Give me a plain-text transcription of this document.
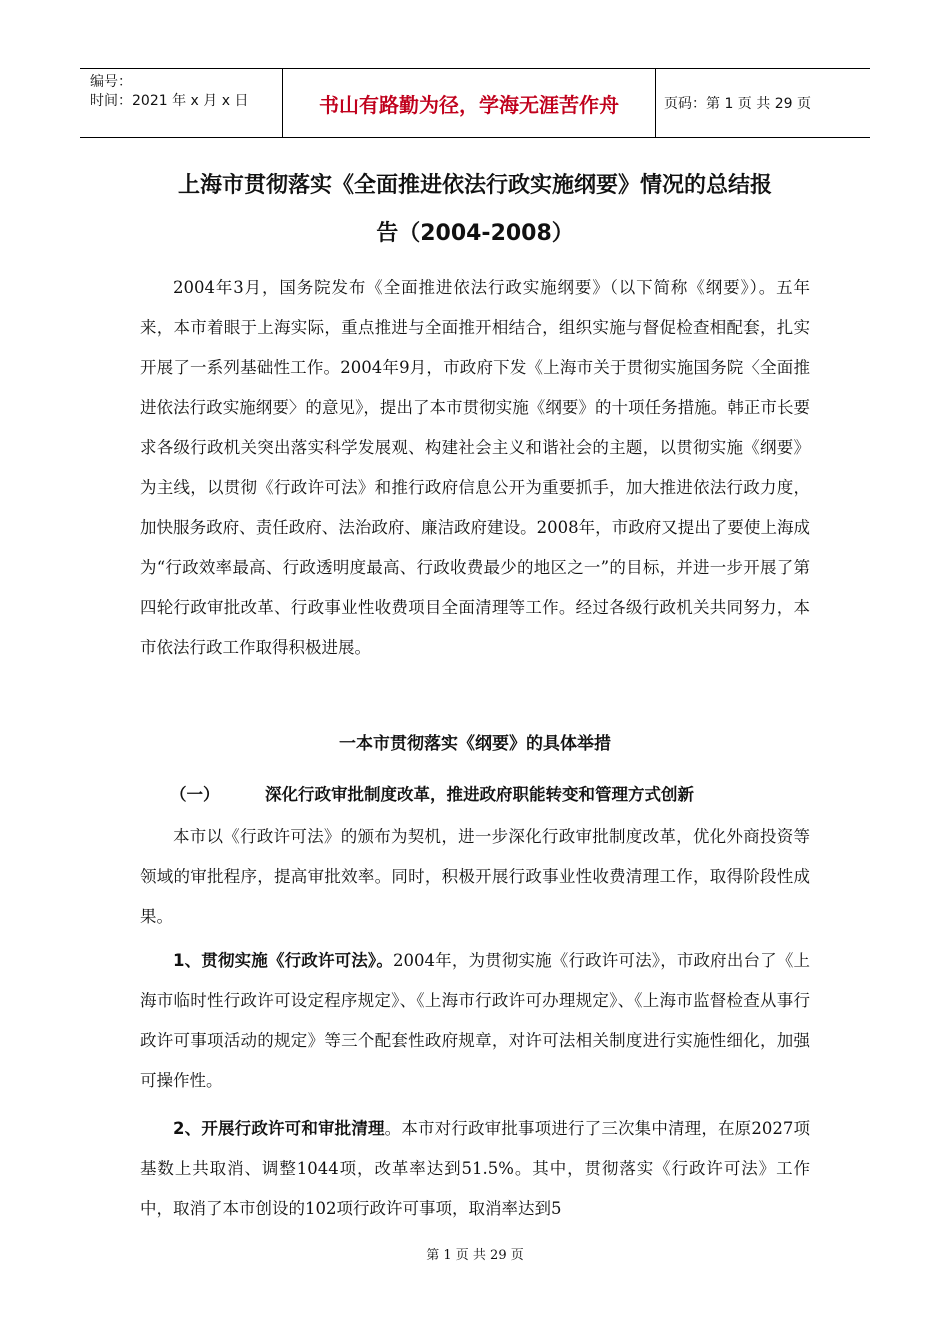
编号：
时间：2021 年 x 月 x 日	书山有路勤为径，学海无涯苦作舟	页码：第 1 页 共 29 页
上海市贯彻落实《全面推进依法行政实施纲要》情况的总结报
告（2004-2008）

2004年3月，国务院发布《全面推进依法行政实施纲要》（以下简称《纲要》）。五年来，本市着眼于上海实际，重点推进与全面推开相结合，组织实施与督促检查相配套，扎实开展了一系列基础性工作。2004年9月，市政府下发《上海市关于贯彻实施国务院〈全面推进依法行政实施纲要〉的意见》，提出了本市贯彻实施《纲要》的十项任务措施。韩正市长要求各级行政机关突出落实科学发展观、构建社会主义和谐社会的主题，以贯彻实施《纲要》为主线，以贯彻《行政许可法》和推行政府信息公开为重要抓手，加大推进依法行政力度，加快服务政府、责任政府、法治政府、廉洁政府建设。2008年，市政府又提出了要使上海成为“行政效率最高、行政透明度最高、行政收费最少的地区之一”的目标，并进一步开展了第四轮行政审批改革、行政事业性收费项目全面清理等工作。经过各级行政机关共同努力，本市依法行政工作取得积极进展。

一本市贯彻落实《纲要》的具体举措
（一）	深化行政审批制度改革，推进政府职能转变和管理方式创新

本市以《行政许可法》的颁布为契机，进一步深化行政审批制度改革，优化外商投资等领域的审批程序，提高审批效率。同时，积极开展行政事业性收费清理工作，取得阶段性成果。

1、贯彻实施《行政许可法》。2004年，为贯彻实施《行政许可法》，市政府出台了《上海市临时性行政许可设定程序规定》、《上海市行政许可办理规定》、《上海市监督检查从事行政许可事项活动的规定》等三个配套性政府规章，对许可法相关制度进行实施性细化，加强可操作性。

2、开展行政许可和审批清理。本市对行政审批事项进行了三次集中清理，在原2027项基数上共取消、调整1044项，改革率达到51.5%。其中，贯彻落实《行政许可法》工作中，取消了本市创设的102项行政许可事项，取消率达到5

第 1 页 共 29 页
